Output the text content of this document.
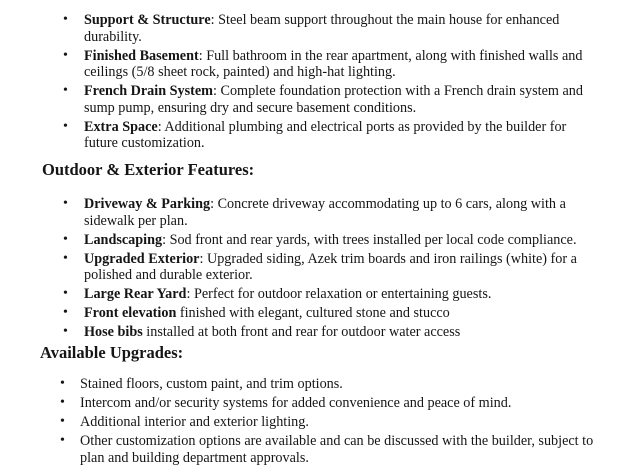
• Support & Structure: Steel beam support throughout the main house for enhanced durability.
• Finished Basement: Full bathroom in the rear apartment, along with finished walls and ceilings (5/8 sheet rock, painted) and high-hat lighting.
• French Drain System: Complete foundation protection with a French drain system and sump pump, ensuring dry and secure basement conditions.
• Extra Space: Additional plumbing and electrical ports as provided by the builder for future customization.
Outdoor & Exterior Features:
• Driveway & Parking: Concrete driveway accommodating up to 6 cars, along with a sidewalk per plan.
• Landscaping: Sod front and rear yards, with trees installed per local code compliance.
• Upgraded Exterior: Upgraded siding, Azek trim boards and iron railings (white) for a polished and durable exterior.
• Large Rear Yard: Perfect for outdoor relaxation or entertaining guests.
• Front elevation finished with elegant, cultured stone and stucco
• Hose bibs installed at both front and rear for outdoor water access
Available Upgrades:
• Stained floors, custom paint, and trim options.
• Intercom and/or security systems for added convenience and peace of mind.
• Additional interior and exterior lighting.
• Other customization options are available and can be discussed with the builder, subject to plan and building department approvals.
